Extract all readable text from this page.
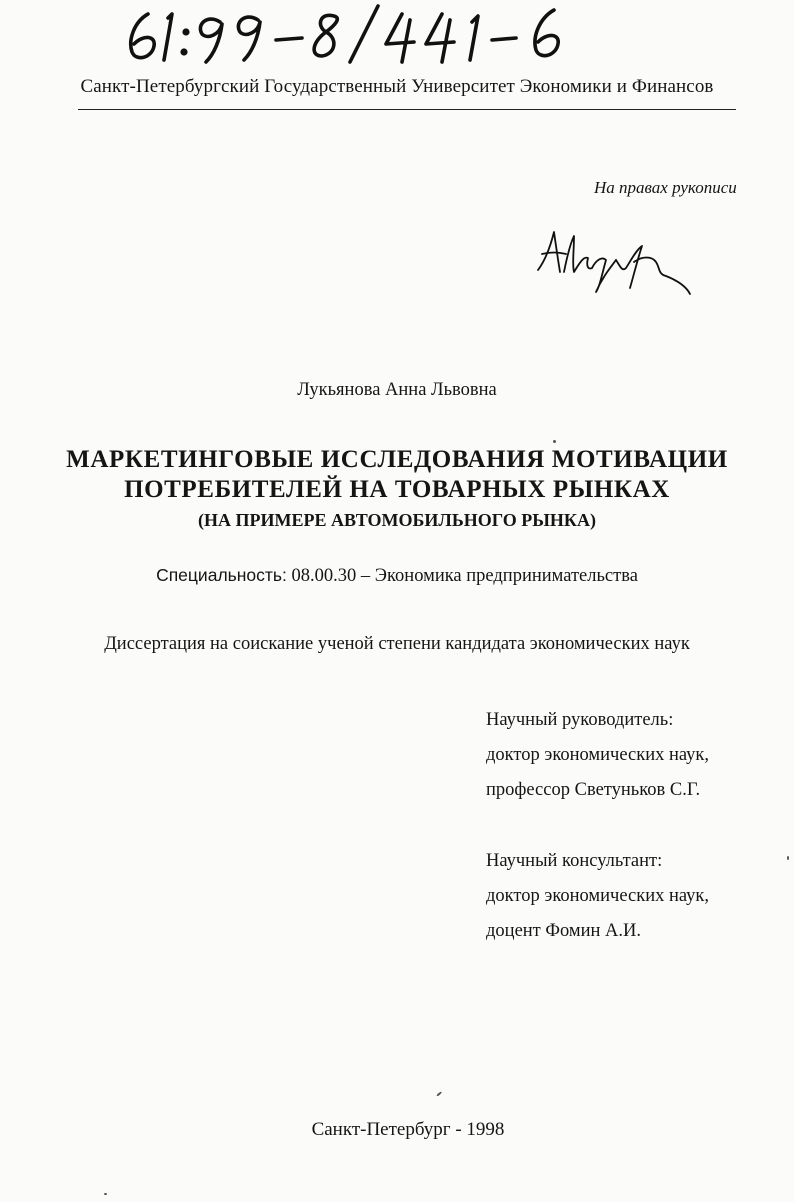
Санкт-Петербургский Государственный Университет Экономики и Финансов
На правах рукописи
Лукьянова Анна Львовна
МАРКЕТИНГОВЫЕ ИССЛЕДОВАНИЯ МОТИВАЦИИ
ПОТРЕБИТЕЛЕЙ НА ТОВАРНЫХ РЫНКАХ
(НА ПРИМЕРЕ АВТОМОБИЛЬНОГО РЫНКА)
Специальность: 08.00.30 – Экономика предпринимательства
Диссертация на соискание ученой степени кандидата экономических наук
Научный руководитель:
доктор экономических наук,
профессор Светуньков С.Г.
Научный консультант:
доктор экономических наук,
доцент Фомин А.И.
Санкт-Петербург - 1998
